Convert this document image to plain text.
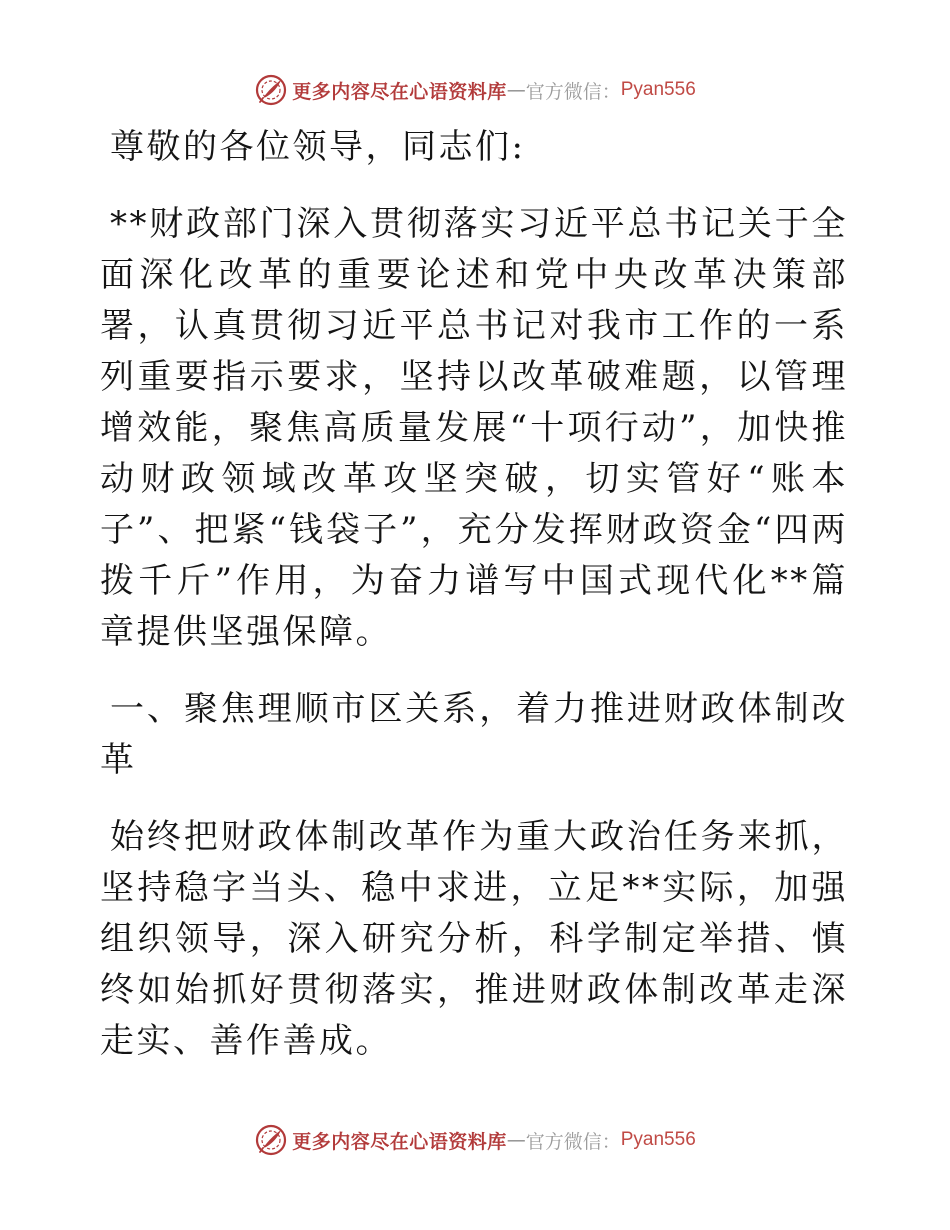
更多内容尽在心语资料库 — 官方微信： Pyan556

尊敬的各位领导，同志们:

**财政部门深入贯彻落实习近平总书记关于全面深化改革的重要论述和党中央改革决策部署，认真贯彻习近平总书记对我市工作的一系列重要指示要求，坚持以改革破难题，以管理增效能，聚焦高质量发展“十项行动”，加快推动财政领域改革攻坚突破，切实管好“账本子”、把紧“钱袋子”，充分发挥财政资金“四两拨千斤”作用，为奋力谱写中国式现代化**篇章提供坚强保障。

一、聚焦理顺市区关系，着力推进财政体制改革

始终把财政体制改革作为重大政治任务来抓，坚持稳字当头、稳中求进，立足**实际，加强组织领导，深入研究分析，科学制定举措、慎终如始抓好贯彻落实，推进财政体制改革走深走实、善作善成。

更多内容尽在心语资料库 — 官方微信： Pyan556
